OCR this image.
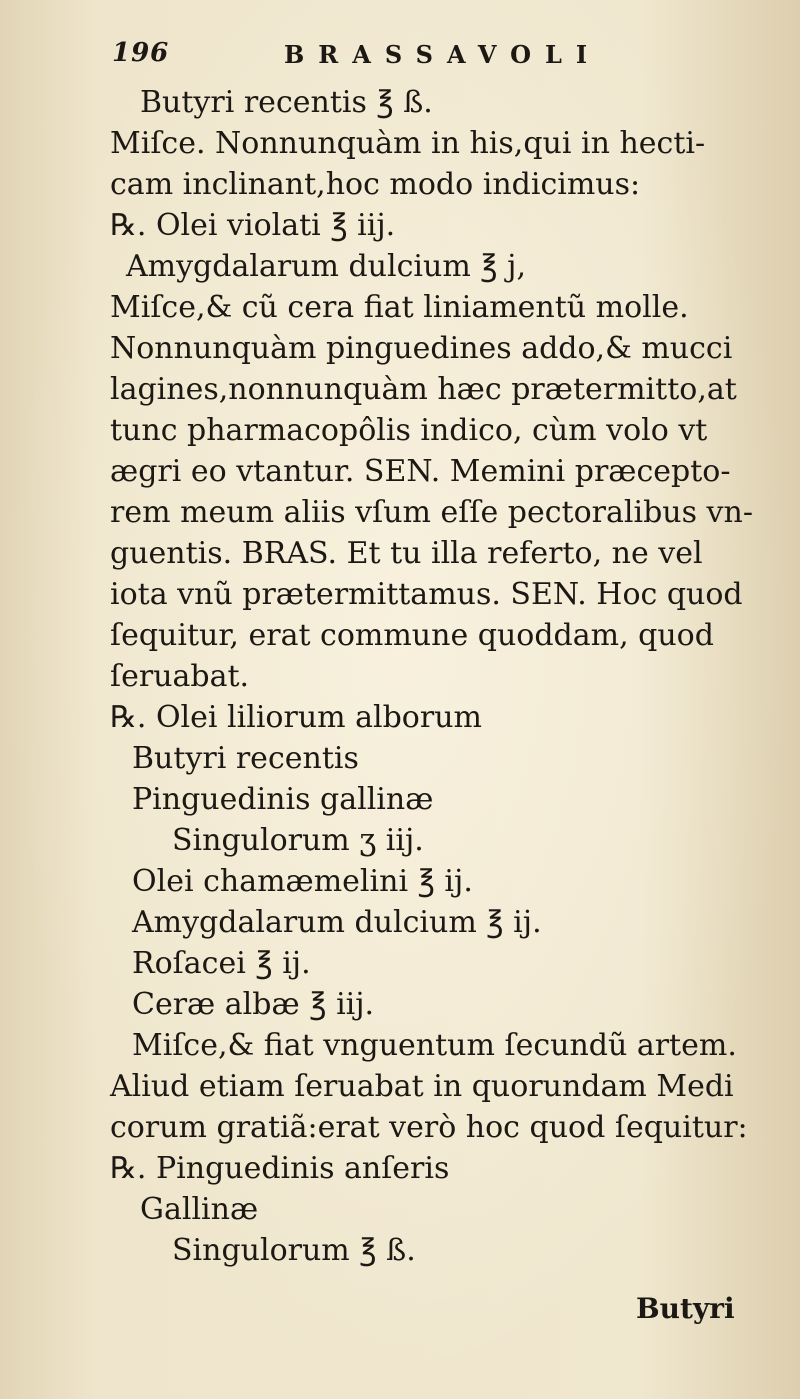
196	BRASSAVOLI
Butyri recentis ℥ ß.
Miſce. Nonnunquàm in his,qui in hecti-
cam inclinant,hoc modo indicimus:
℞. Olei violati ℥ iij.
Amygdalarum dulcium ℥ j,
Miſce,& cũ cera fiat liniamentũ molle.
Nonnunquàm pinguedines addo,& mucci
lagines,nonnunquàm hæc prætermitto,at
tunc pharmacopôlis indico, cùm volo vt
ægri eo vtantur. SEN. Memini præcepto-
rem meum aliis vſum eſſe pectoralibus vn-
guentis. BRAS. Et tu illa referto, ne vel
iota vnũ prætermittamus. SEN. Hoc quod
ſequitur, erat commune quoddam, quod
ſeruabat.
℞. Olei liliorum alborum
Butyri recentis
Pinguedinis gallinæ
Singulorum ʒ iij.
Olei chamæmelini ℥ ij.
Amygdalarum dulcium ℥ ij.
Roſacei ℥ ij.
Ceræ albæ ℥ iij.
Miſce,& fiat vnguentum ſecundũ artem.
Aliud etiam ſeruabat in quorundam Medi
corum gratiã:erat verò hoc quod ſequitur:
℞. Pinguedinis anſeris
Gallinæ
Singulorum ℥ ß.
Butyri
